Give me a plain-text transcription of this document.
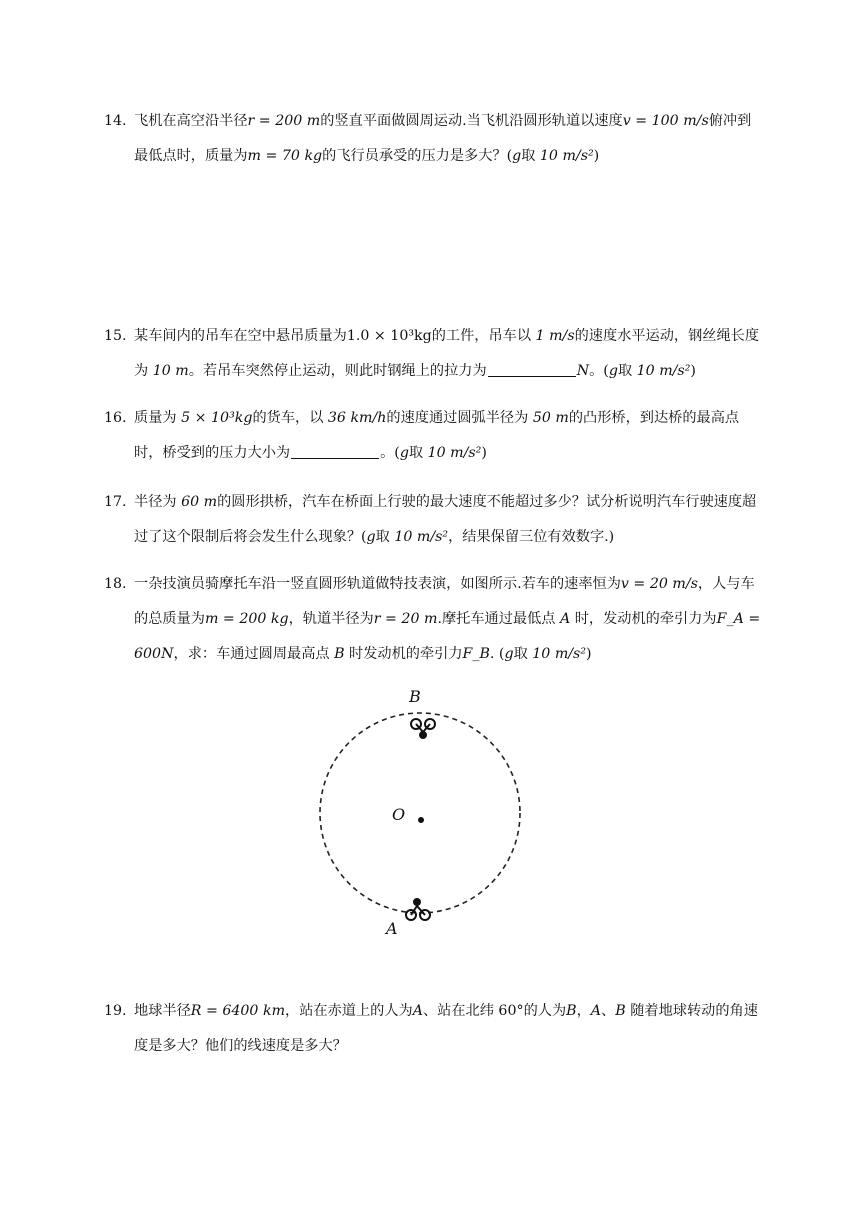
14. 飞机在高空沿半径r = 200 m的竖直平面做圆周运动.当飞机沿圆形轨道以速度v = 100 m/s俯冲到最低点时，质量为m = 70 kg的飞行员承受的压力是多大？(g取 10 m/s²)
15. 某车间内的吊车在空中悬吊质量为1.0 × 10³kg的工件，吊车以 1 m/s的速度水平运动，钢丝绳长度为 10 m。若吊车突然停止运动，则此时钢绳上的拉力为	N。(g取 10 m/s²)
16. 质量为 5 × 10³kg的货车，以 36 km/h的速度通过圆弧半径为 50 m的凸形桥，到达桥的最高点时，桥受到的压力大小为	。(g取 10 m/s²)
17. 半径为 60 m的圆形拱桥，汽车在桥面上行驶的最大速度不能超过多少？试分析说明汽车行驶速度超过了这个限制后将会发生什么现象？(g取 10 m/s²，结果保留三位有效数字.)
18. 一杂技演员骑摩托车沿一竖直圆形轨道做特技表演，如图所示.若车的速率恒为v = 20 m/s，人与车的总质量为m = 200 kg，轨道半径为r = 20 m.摩托车通过最低点 A 时，发动机的牵引力为F_A = 600N，求：车通过圆周最高点 B 时发动机的牵引力F_B. (g取 10 m/s²)
B
O
A
19. 地球半径R = 6400 km，站在赤道上的人为A、站在北纬 60°的人为B，A、B 随着地球转动的角速度是多大？他们的线速度是多大？
